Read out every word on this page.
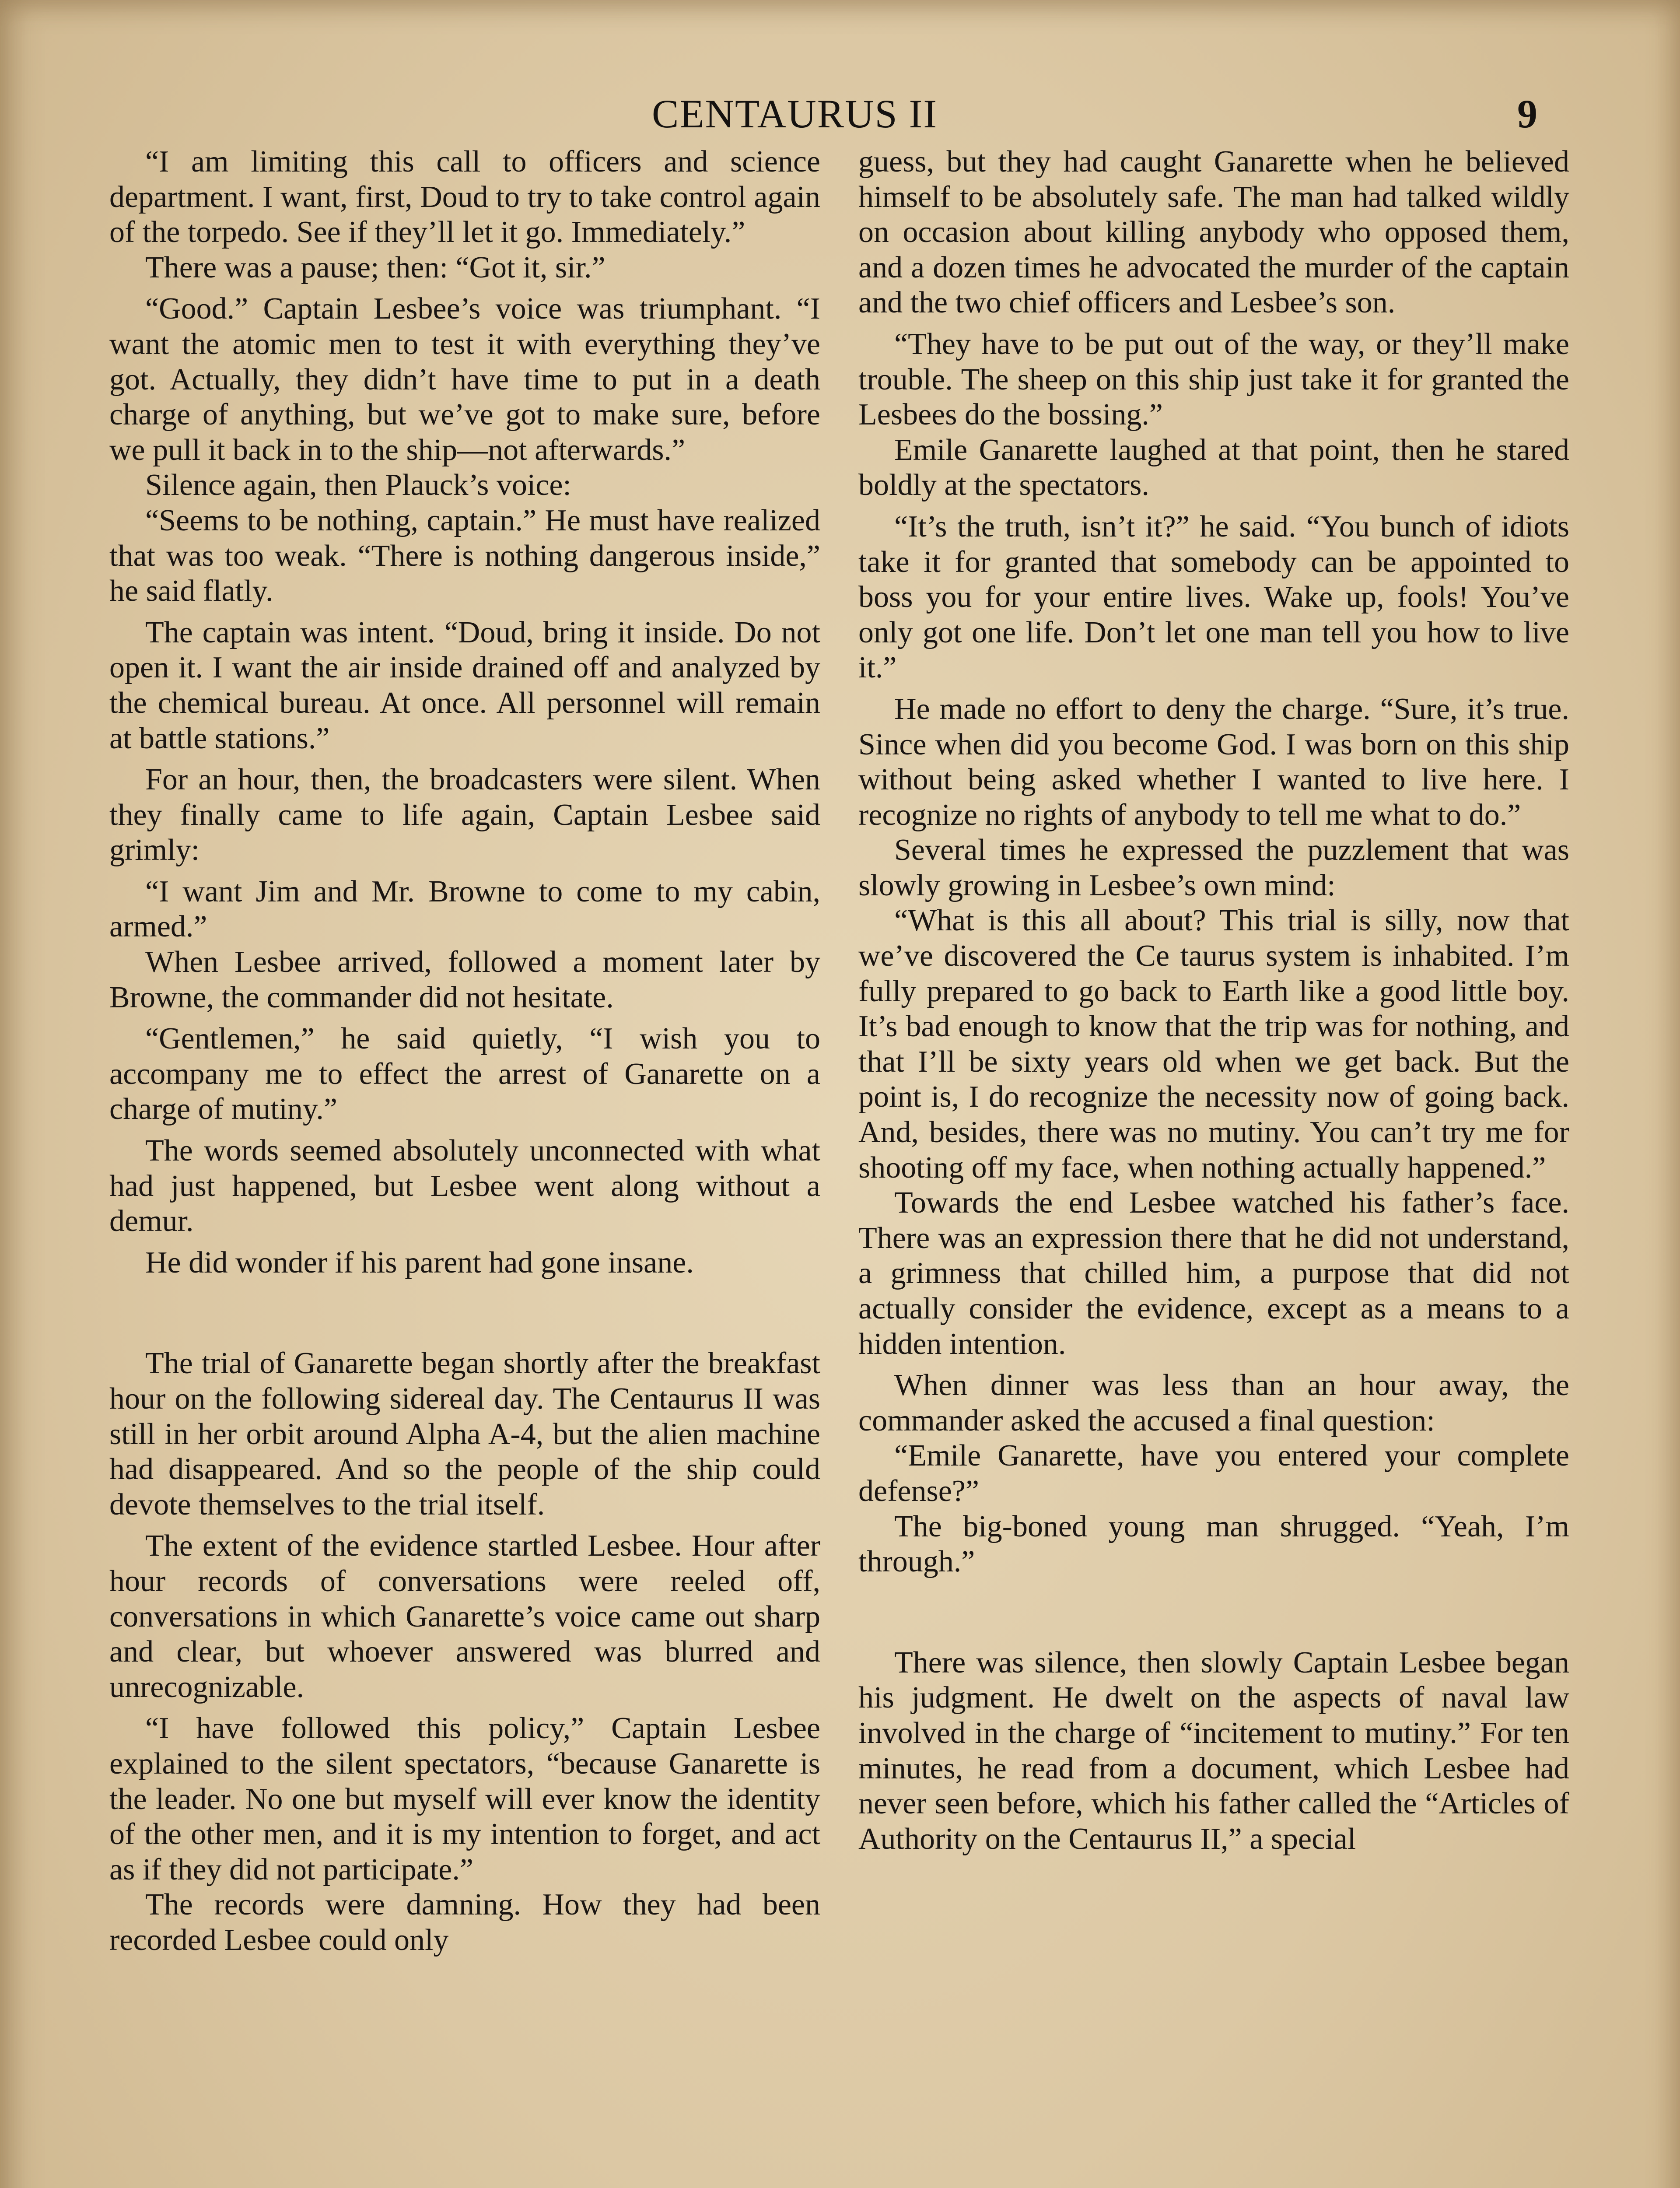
CENTAURUS II	9

“I am limiting this call to officers and science department. I want, first, Doud to try to take control again of the torpedo. See if they’ll let it go. Immediately.”

There was a pause; then: “Got it, sir.”

“Good.” Captain Lesbee’s voice was triumphant. “I want the atomic men to test it with everything they’ve got. Actually, they didn’t have time to put in a death charge of anything, but we’ve got to make sure, before we pull it back in to the ship—not afterwards.”

Silence again, then Plauck’s voice:

“Seems to be nothing, captain.” He must have realized that was too weak. “There is nothing dangerous inside,” he said flatly.

The captain was intent. “Doud, bring it inside. Do not open it. I want the air inside drained off and analyzed by the chemical bureau. At once. All personnel will remain at battle stations.”

For an hour, then, the broadcasters were silent. When they finally came to life again, Captain Lesbee said grimly:

“I want Jim and Mr. Browne to come to my cabin, armed.”

When Lesbee arrived, followed a moment later by Browne, the commander did not hesitate.

“Gentlemen,” he said quietly, “I wish you to accompany me to effect the arrest of Ganarette on a charge of mutiny.”

The words seemed absolutely unconnected with what had just happened, but Lesbee went along without a demur.

He did wonder if his parent had gone insane.

The trial of Ganarette began shortly after the breakfast hour on the following sidereal day. The Centaurus II was still in her orbit around Alpha A-4, but the alien machine had disappeared. And so the people of the ship could devote themselves to the trial itself.

The extent of the evidence startled Lesbee. Hour after hour records of conversations were reeled off, conversations in which Ganarette’s voice came out sharp and clear, but whoever answered was blurred and unrecognizable.

“I have followed this policy,” Captain Lesbee explained to the silent spectators, “because Ganarette is the leader. No one but myself will ever know the identity of the other men, and it is my intention to forget, and act as if they did not participate.”

The records were damning. How they had been recorded Lesbee could only

guess, but they had caught Ganarette when he believed himself to be absolutely safe. The man had talked wildly on occasion about killing anybody who opposed them, and a dozen times he advocated the murder of the captain and the two chief officers and Lesbee’s son.

“They have to be put out of the way, or they’ll make trouble. The sheep on this ship just take it for granted the Lesbees do the bossing.”

Emile Ganarette laughed at that point, then he stared boldly at the spectators.

“It’s the truth, isn’t it?” he said. “You bunch of idiots take it for granted that somebody can be appointed to boss you for your entire lives. Wake up, fools! You’ve only got one life. Don’t let one man tell you how to live it.”

He made no effort to deny the charge. “Sure, it’s true. Since when did you become God. I was born on this ship without being asked whether I wanted to live here. I recognize no rights of anybody to tell me what to do.”

Several times he expressed the puzzlement that was slowly growing in Lesbee’s own mind:

“What is this all about? This trial is silly, now that we’ve discovered the Ce taurus system is inhabited. I’m fully prepared to go back to Earth like a good little boy. It’s bad enough to know that the trip was for nothing, and that I’ll be sixty years old when we get back. But the point is, I do recognize the necessity now of going back. And, besides, there was no mutiny. You can’t try me for shooting off my face, when nothing actually happened.”

Towards the end Lesbee watched his father’s face. There was an expression there that he did not understand, a grimness that chilled him, a purpose that did not actually consider the evidence, except as a means to a hidden intention.

When dinner was less than an hour away, the commander asked the accused a final question:

“Emile Ganarette, have you entered your complete defense?”

The big-boned young man shrugged. “Yeah, I’m through.”

There was silence, then slowly Captain Lesbee began his judgment. He dwelt on the aspects of naval law involved in the charge of “incitement to mutiny.” For ten minutes, he read from a document, which Lesbee had never seen before, which his father called the “Articles of Authority on the Centaurus II,” a special
